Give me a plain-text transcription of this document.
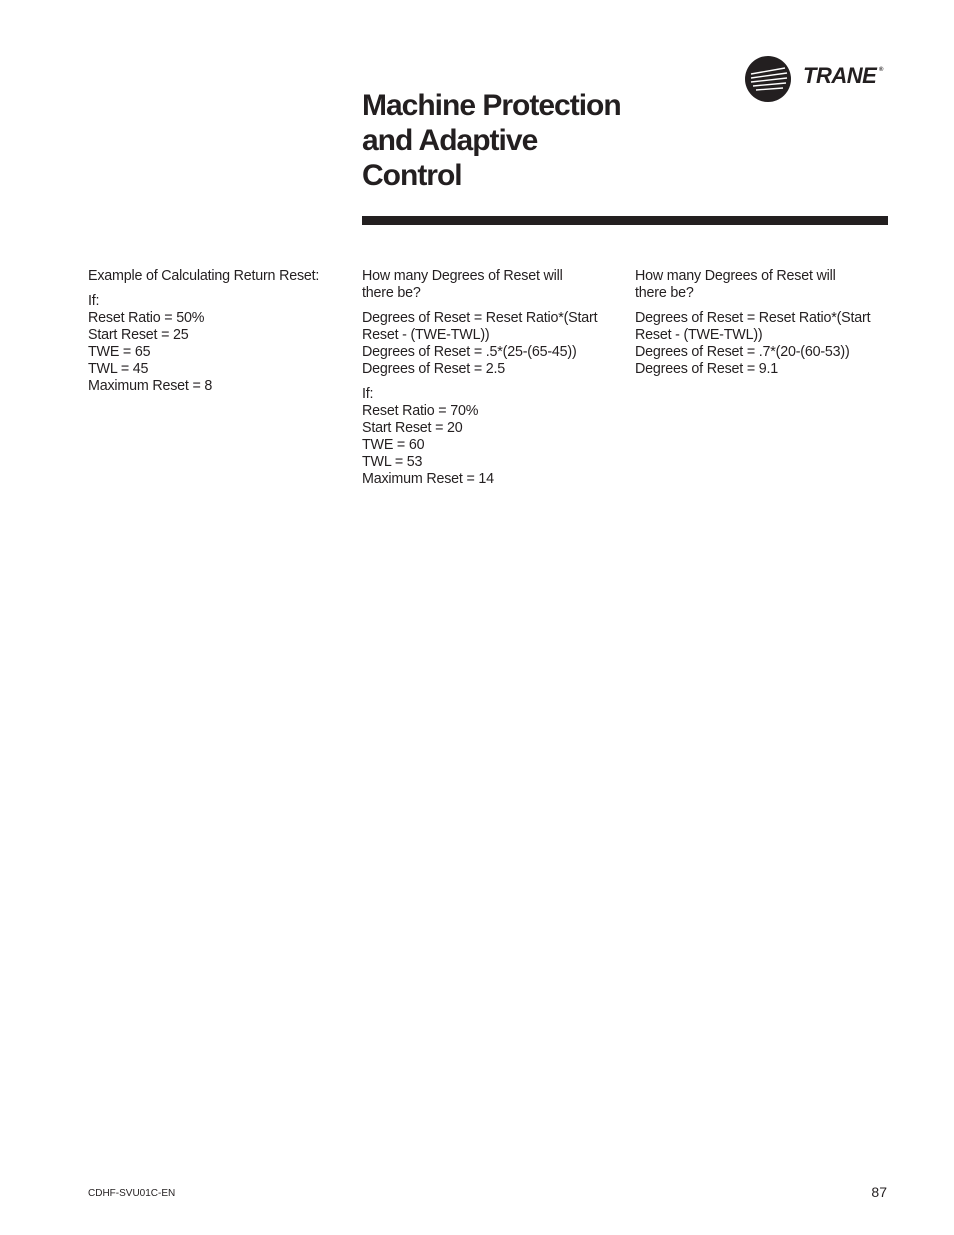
TRANE ®
Machine Protection
and Adaptive
Control

Example of Calculating Return Reset:

If:
Reset Ratio = 50%
Start Reset = 25
TWE = 65
TWL = 45
Maximum Reset = 8

How many Degrees of Reset will
there be?

Degrees of Reset = Reset Ratio*(Start
Reset - (TWE-TWL))
Degrees of Reset = .5*(25-(65-45))
Degrees of Reset = 2.5

If:
Reset Ratio = 70%
Start Reset = 20
TWE = 60
TWL = 53
Maximum Reset = 14

How many Degrees of Reset will
there be?

Degrees of Reset = Reset Ratio*(Start
Reset - (TWE-TWL))
Degrees of Reset = .7*(20-(60-53))
Degrees of Reset = 9.1

CDHF-SVU01C-EN	87
